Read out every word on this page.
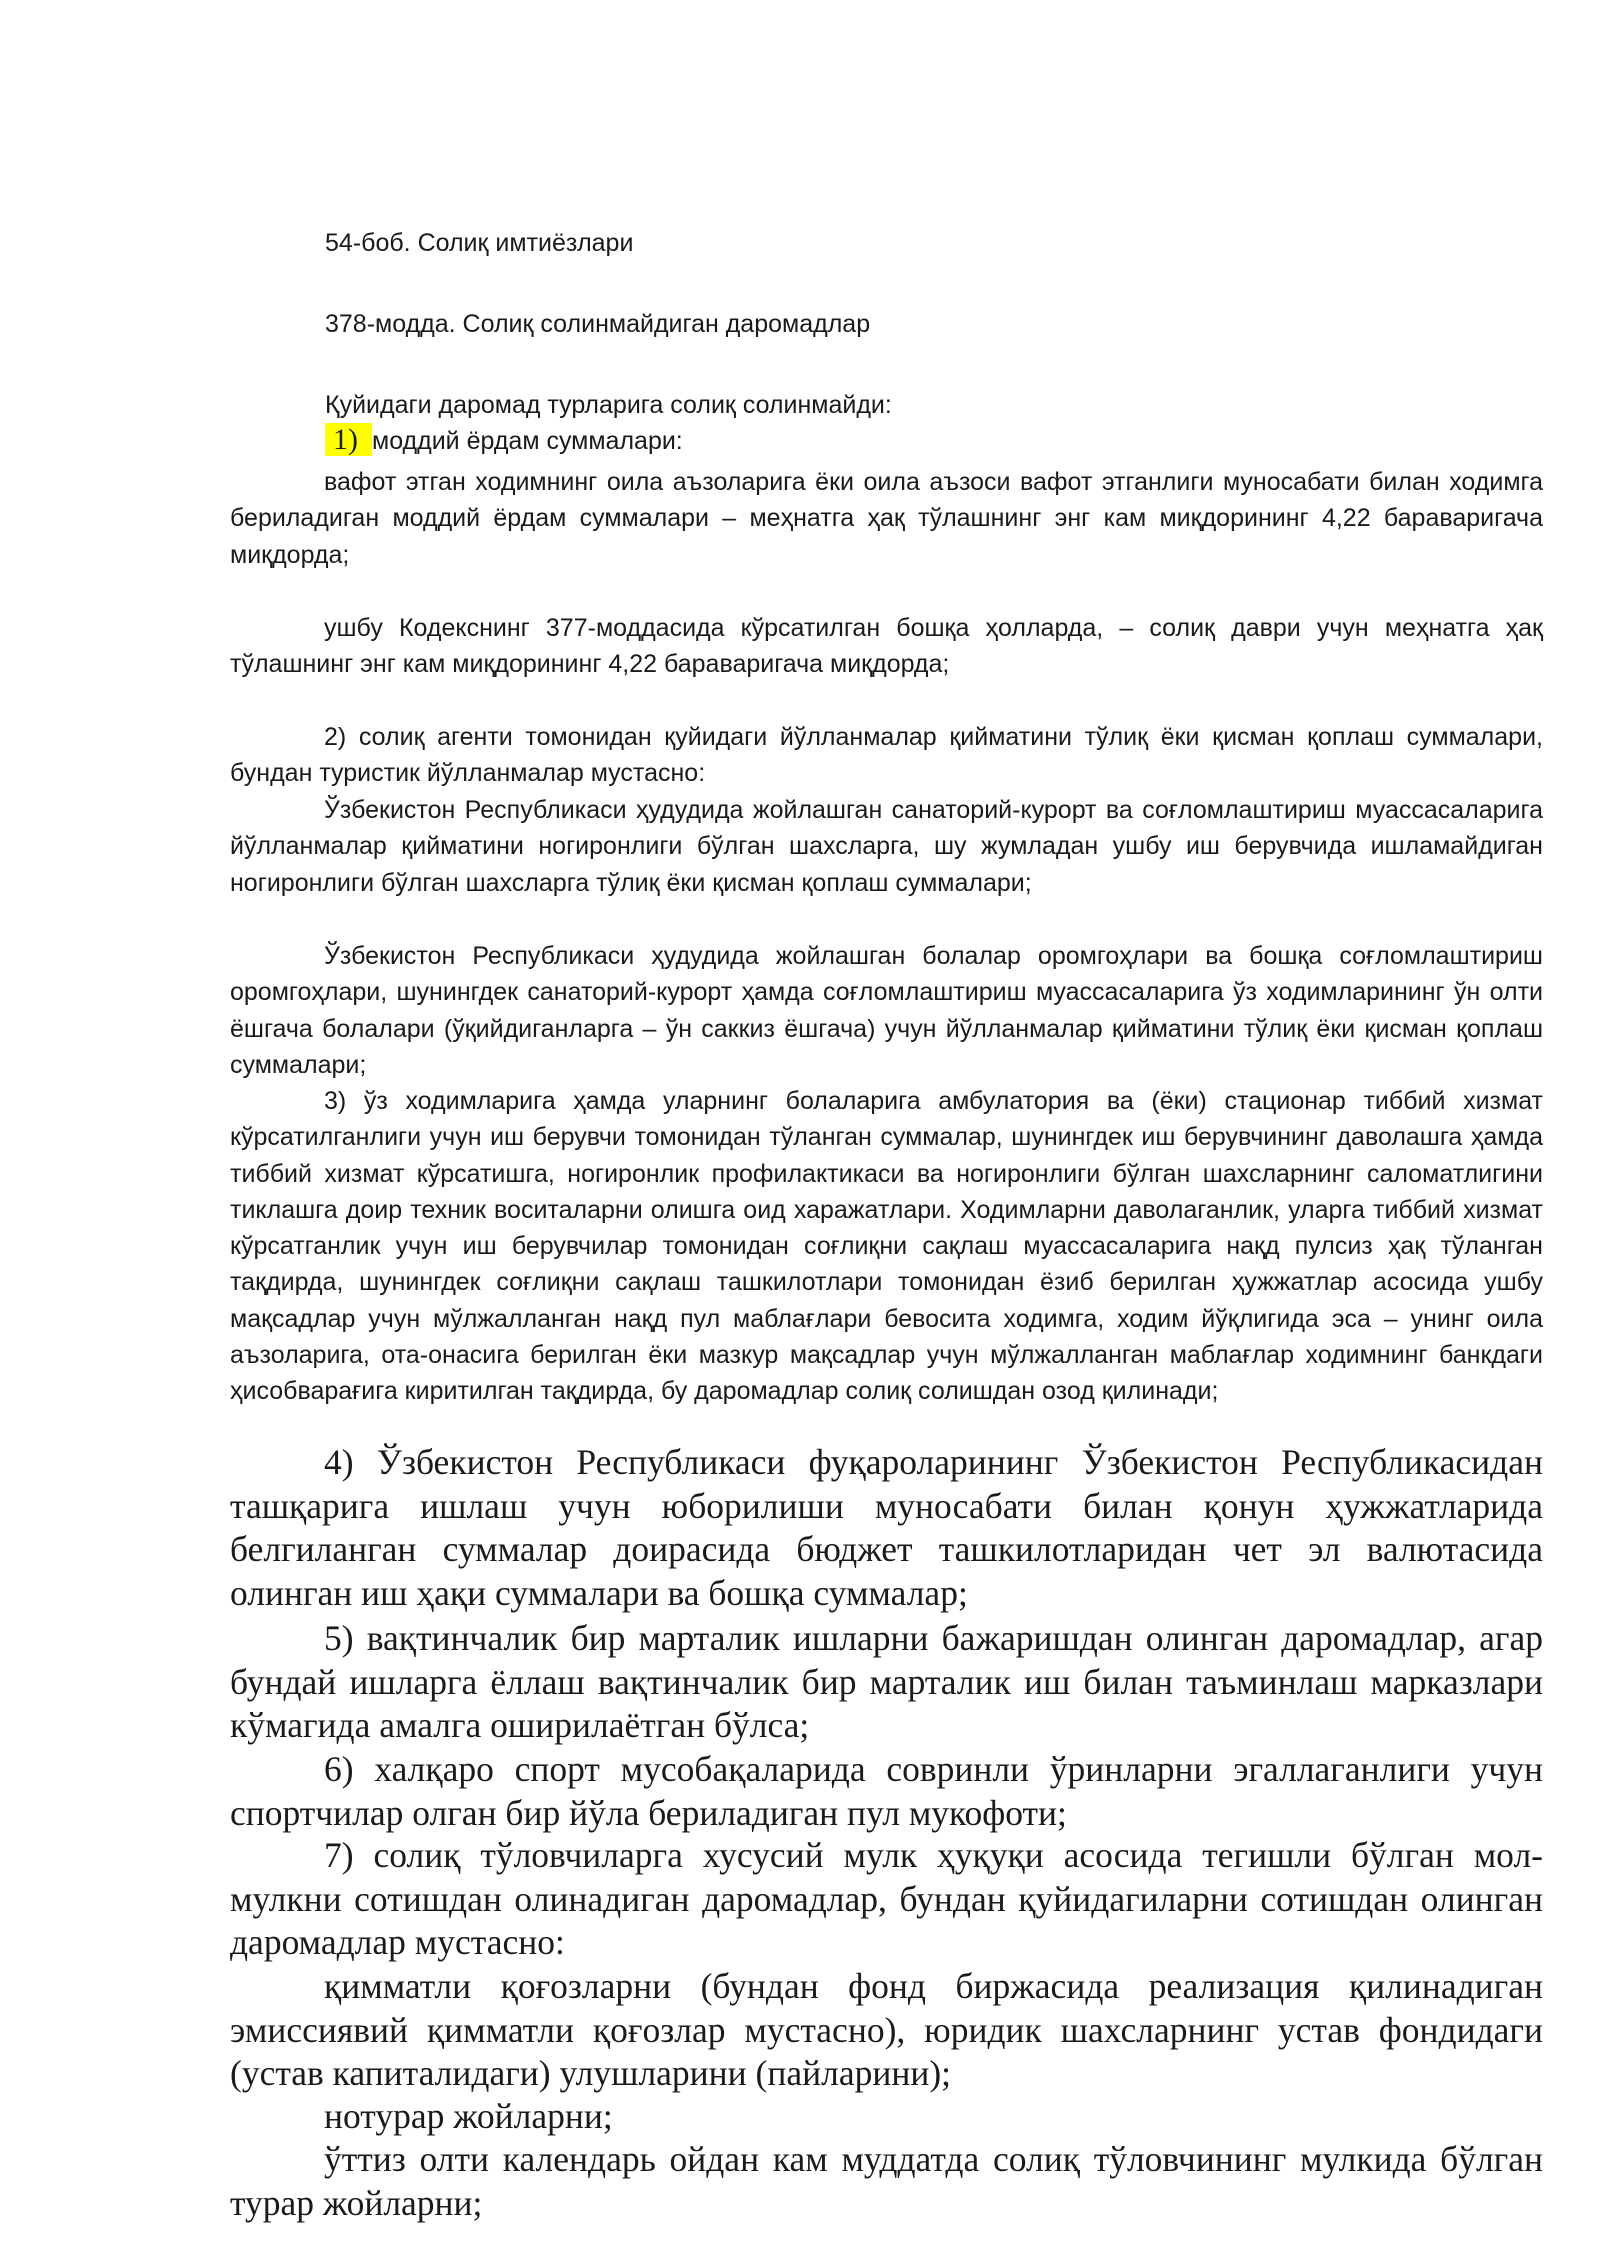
54-боб. Солиқ имтиёзлари

378-модда. Солиқ солинмайдиган даромадлар

Қуйидаги даромад турларига солиқ солинмайди:

1) моддий ёрдам суммалари:

вафот этган ходимнинг оила аъзоларига ёки оила аъзоси вафот этганлиги муносабати билан ходимга бериладиган моддий ёрдам суммалари – меҳнатга ҳақ тўлашнинг энг кам миқдорининг 4,22 бараваригача миқдорда;

ушбу Кодекснинг 377-моддасида кўрсатилган бошқа ҳолларда, – солиқ даври учун меҳнатга ҳақ тўлашнинг энг кам миқдорининг 4,22 бараваригача миқдорда;

2) солиқ агенти томонидан қуйидаги йўлланмалар қийматини тўлиқ ёки қисман қоплаш суммалари, бундан туристик йўлланмалар мустасно:

Ўзбекистон Республикаси ҳудудида жойлашган санаторий-курорт ва соғломлаштириш муассасаларига йўлланмалар қийматини ногиронлиги бўлган шахсларга, шу жумладан ушбу иш берувчида ишламайдиган ногиронлиги бўлган шахсларга тўлиқ ёки қисман қоплаш суммалари;

Ўзбекистон Республикаси ҳудудида жойлашган болалар оромгоҳлари ва бошқа соғломлаштириш оромгоҳлари, шунингдек санаторий-курорт ҳамда соғломлаштириш муассасаларига ўз ходимларининг ўн олти ёшгача болалари (ўқийдиганларга – ўн саккиз ёшгача) учун йўлланмалар қийматини тўлиқ ёки қисман қоплаш суммалари;

3) ўз ходимларига ҳамда уларнинг болаларига амбулатория ва (ёки) стационар тиббий хизмат кўрсатилганлиги учун иш берувчи томонидан тўланган суммалар, шунингдек иш берувчининг даволашга ҳамда тиббий хизмат кўрсатишга, ногиронлик профилактикаси ва ногиронлиги бўлган шахсларнинг саломатлигини тиклашга доир техник воситаларни олишга оид харажатлари. Ходимларни даволаганлик, уларга тиббий хизмат кўрсатганлик учун иш берувчилар томонидан соғлиқни сақлаш муассасаларига нақд пулсиз ҳақ тўланган тақдирда, шунингдек соғлиқни сақлаш ташкилотлари томонидан ёзиб берилган ҳужжатлар асосида ушбу мақсадлар учун мўлжалланган нақд пул маблағлари бевосита ходимга, ходим йўқлигида эса – унинг оила аъзоларига, ота-онасига берилган ёки мазкур мақсадлар учун мўлжалланган маблағлар ходимнинг банкдаги ҳисобварағига киритилган тақдирда, бу даромадлар солиқ солишдан озод қилинади;

4) Ўзбекистон Республикаси фуқароларининг Ўзбекистон Республикасидан ташқарига ишлаш учун юборилиши муносабати билан қонун ҳужжатларида белгиланган суммалар доирасида бюджет ташкилотларидан чет эл валютасида олинган иш ҳақи суммалари ва бошқа суммалар;

5) вақтинчалик бир марталик ишларни бажаришдан олинган даромадлар, агар бундай ишларга ёллаш вақтинчалик бир марталик иш билан таъминлаш марказлари кўмагида амалга оширилаётган бўлса;

6) халқаро спорт мусобақаларида совринли ўринларни эгаллаганлиги учун спортчилар олган бир йўла бериладиган пул мукофоти;

7) солиқ тўловчиларга хусусий мулк ҳуқуқи асосида тегишли бўлган мол-мулкни сотишдан олинадиган даромадлар, бундан қуйидагиларни сотишдан олинган даромадлар мустасно:

қимматли қоғозларни (бундан фонд биржасида реализация қилинадиган эмиссиявий қимматли қоғозлар мустасно), юридик шахсларнинг устав фондидаги (устав капиталидаги) улушларини (пайларини);

нотурар жойларни;

ўттиз олти календарь ойдан кам муддатда солиқ тўловчининг мулкида бўлган турар жойларни;
